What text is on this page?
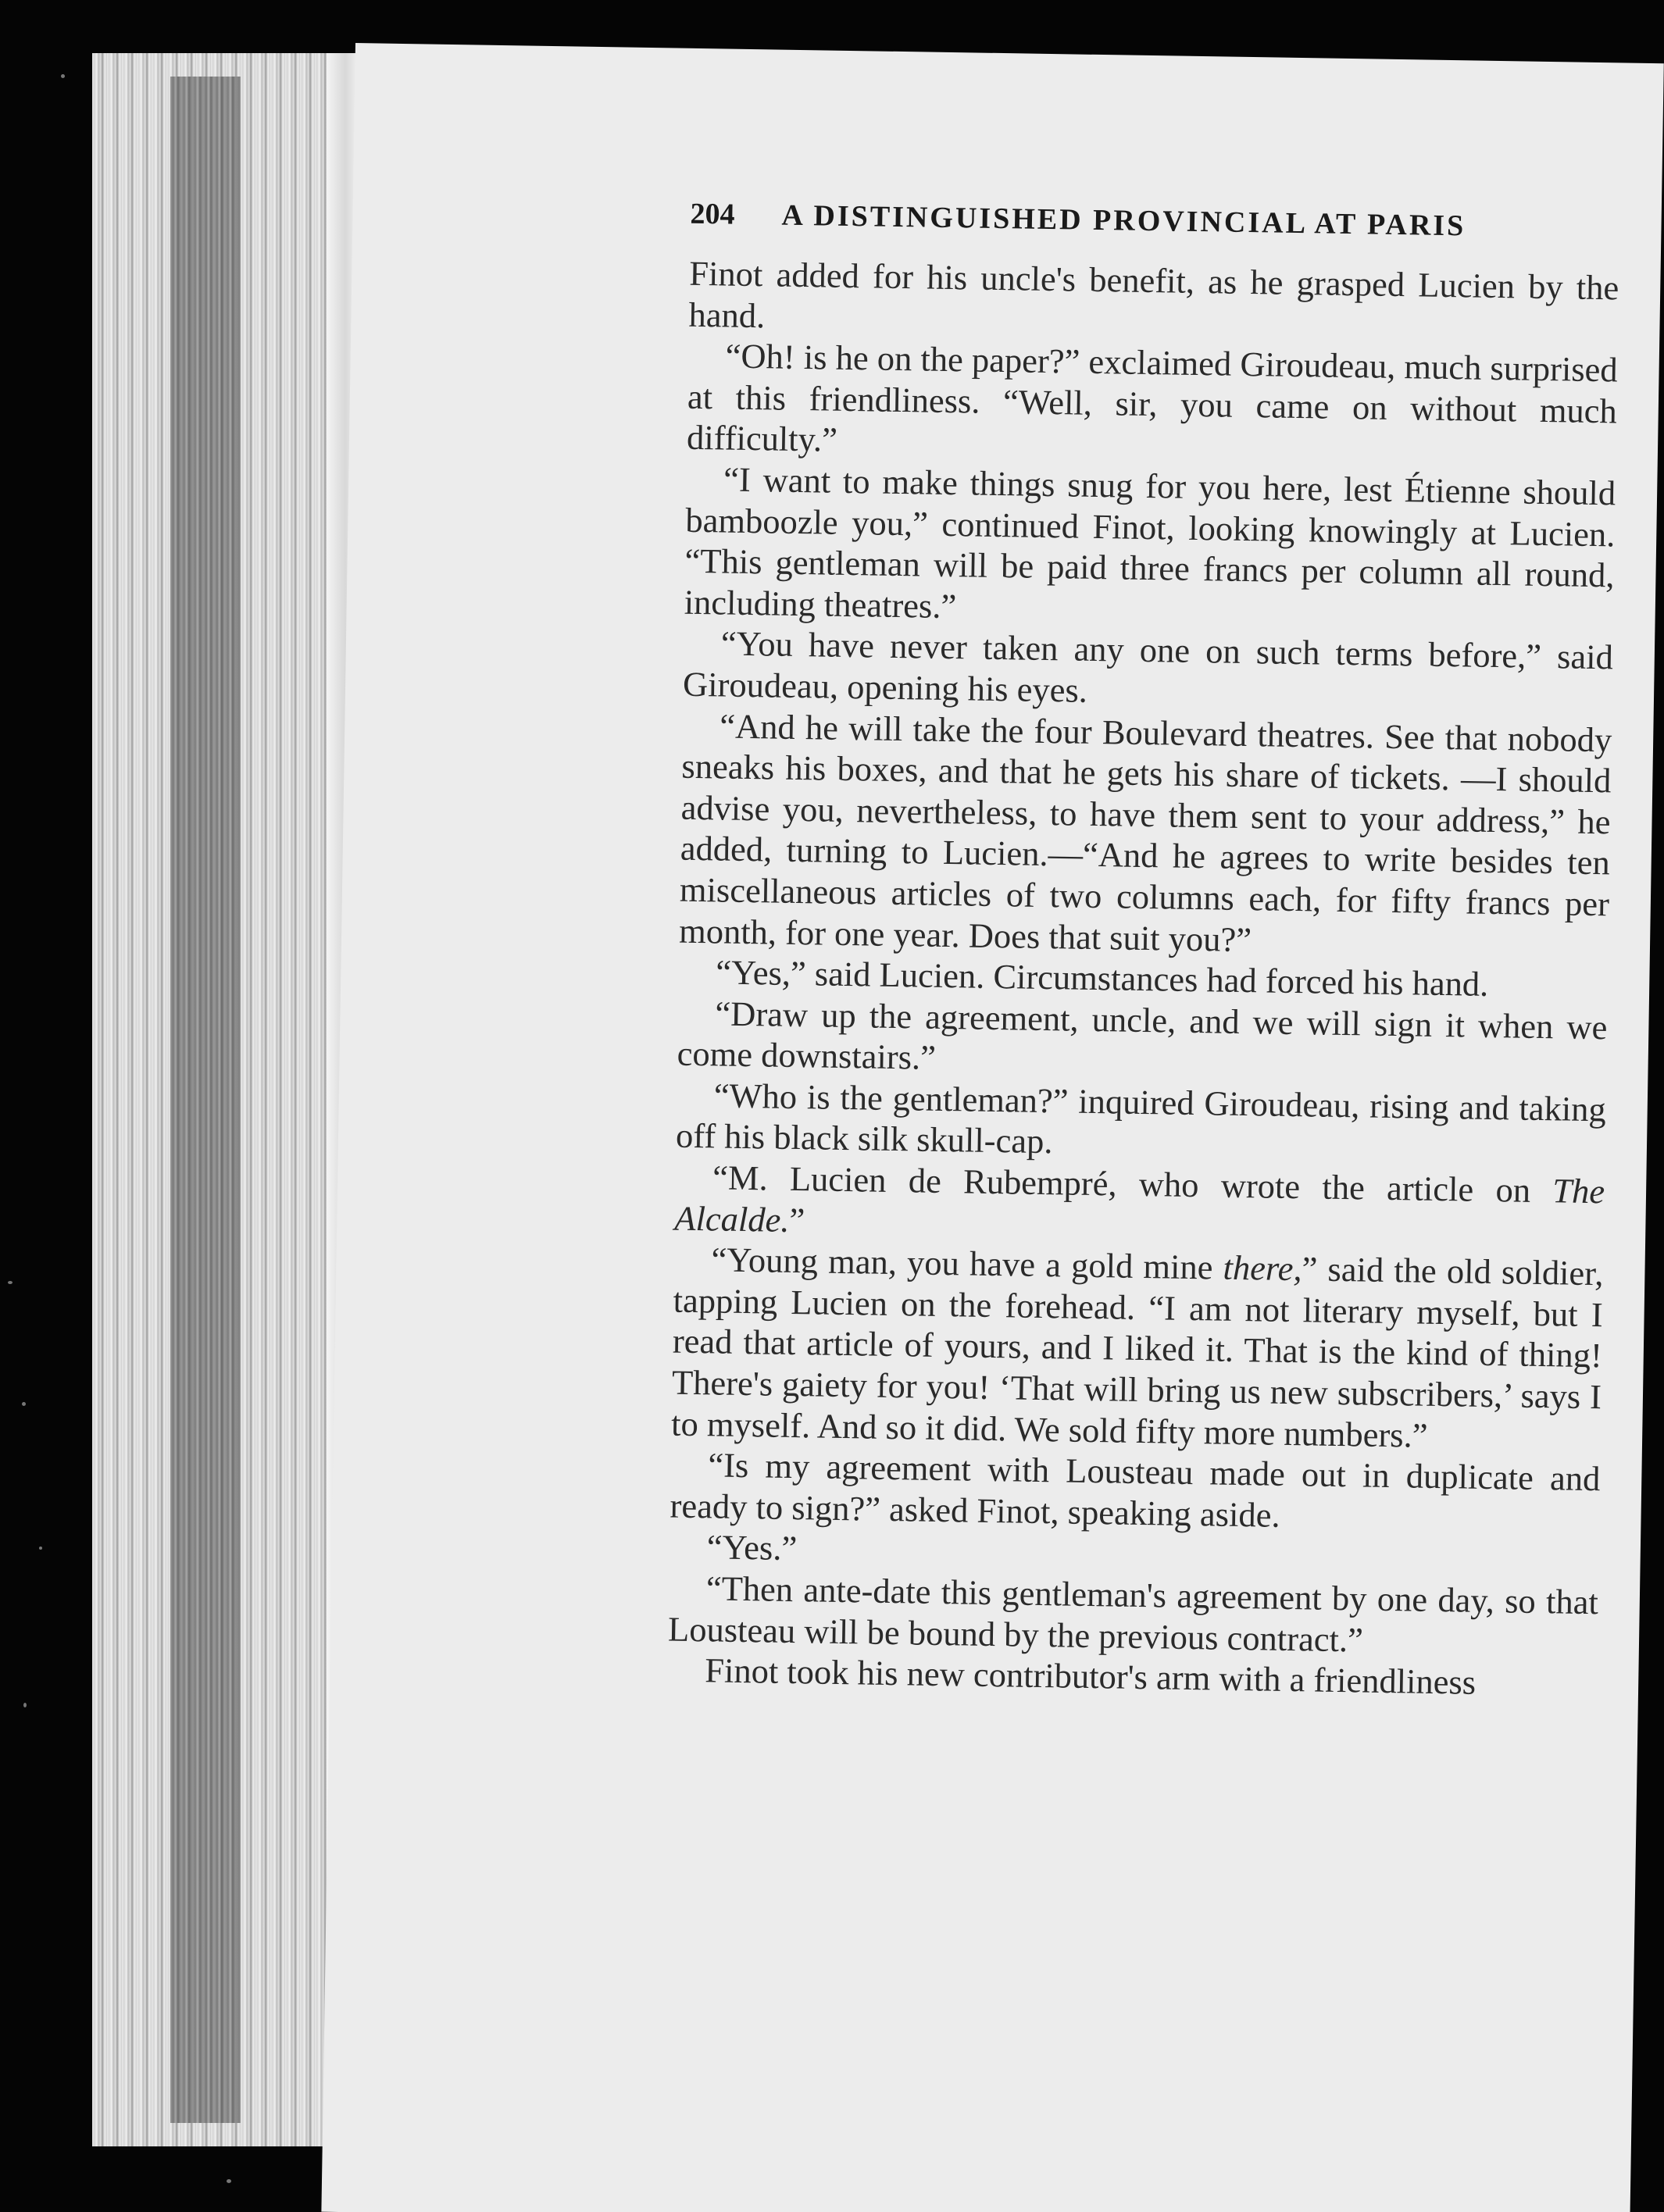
204 A DISTINGUISHED PROVINCIAL AT PARIS

Finot added for his uncle's benefit, as he grasped Lucien by the hand.

“Oh! is he on the paper?” exclaimed Giroudeau, much surprised at this friendliness. “Well, sir, you came on without much difficulty.”

“I want to make things snug for you here, lest Étienne should bamboozle you,” continued Finot, looking knowingly at Lucien. “This gentleman will be paid three francs per column all round, including theatres.”

“You have never taken any one on such terms before,” said Giroudeau, opening his eyes.

“And he will take the four Boulevard theatres. See that nobody sneaks his boxes, and that he gets his share of tickets. —I should advise you, nevertheless, to have them sent to your address,” he added, turning to Lucien.—“And he agrees to write besides ten miscellaneous articles of two columns each, for fifty francs per month, for one year. Does that suit you?”

“Yes,” said Lucien. Circumstances had forced his hand.

“Draw up the agreement, uncle, and we will sign it when we come downstairs.”

“Who is the gentleman?” inquired Giroudeau, rising and taking off his black silk skull-cap.

“M. Lucien de Rubempré, who wrote the article on The Alcalde.”

“Young man, you have a gold mine there,” said the old soldier, tapping Lucien on the forehead. “I am not literary myself, but I read that article of yours, and I liked it. That is the kind of thing! There's gaiety for you! ‘That will bring us new subscribers,’ says I to myself. And so it did. We sold fifty more numbers.”

“Is my agreement with Lousteau made out in duplicate and ready to sign?” asked Finot, speaking aside.

“Yes.”

“Then ante-date this gentleman's agreement by one day, so that Lousteau will be bound by the previous contract.”

Finot took his new contributor's arm with a friendliness
